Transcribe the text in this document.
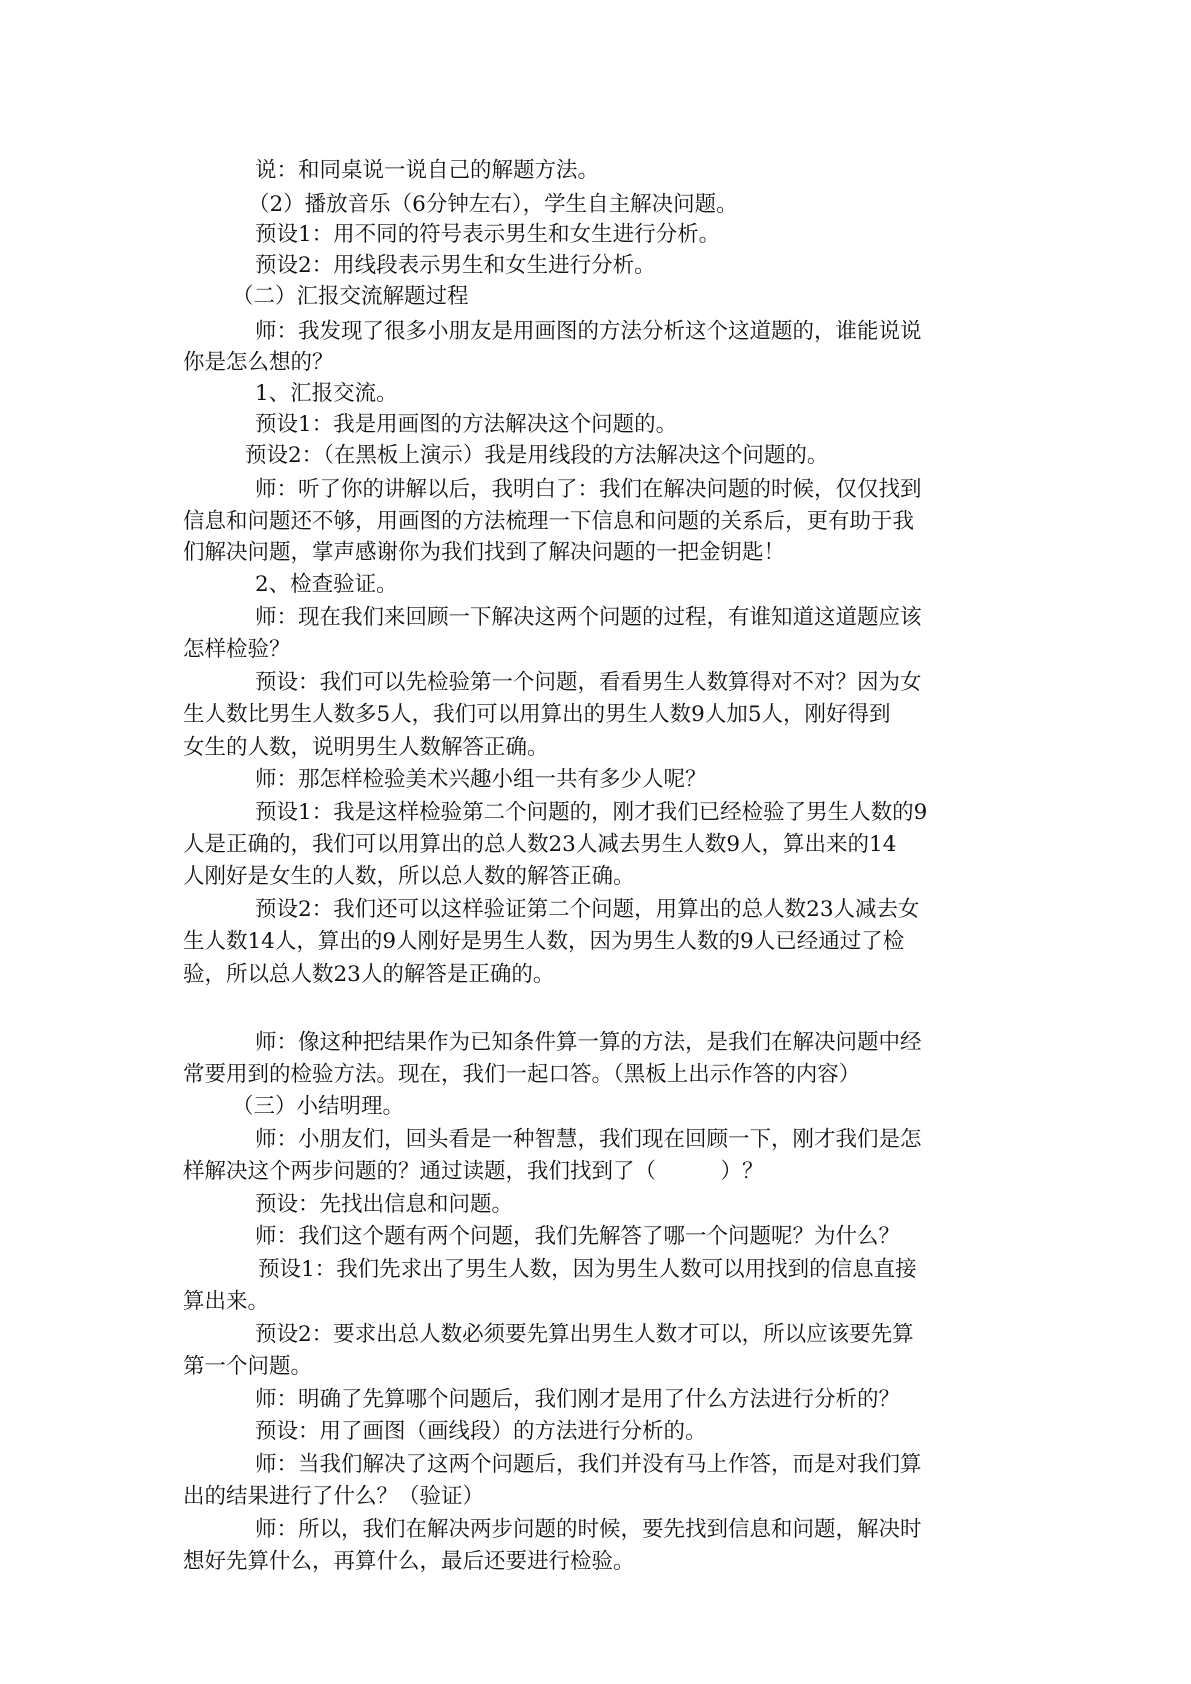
说：和同桌说一说自己的解题方法。

（2）播放音乐（6分钟左右），学生自主解决问题。

预设1：用不同的符号表示男生和女生进行分析。

预设2：用线段表示男生和女生进行分析。

（二）汇报交流解题过程

师：我发现了很多小朋友是用画图的方法分析这个这道题的，谁能说说

你是怎么想的？

1、汇报交流。

预设1：我是用画图的方法解决这个问题的。

预设2：（在黑板上演示）我是用线段的方法解决这个问题的。

师：听了你的讲解以后，我明白了：我们在解决问题的时候，仅仅找到

信息和问题还不够，用画图的方法梳理一下信息和问题的关系后，更有助于我

们解决问题，掌声感谢你为我们找到了解决问题的一把金钥匙！

2、检查验证。

师：现在我们来回顾一下解决这两个问题的过程，有谁知道这道题应该

怎样检验？

预设：我们可以先检验第一个问题，看看男生人数算得对不对？因为女

生人数比男生人数多5人，我们可以用算出的男生人数9人加5人，刚好得到

女生的人数，说明男生人数解答正确。

师：那怎样检验美术兴趣小组一共有多少人呢？

预设1：我是这样检验第二个问题的，刚才我们已经检验了男生人数的9

人是正确的，我们可以用算出的总人数23人减去男生人数9人，算出来的14

人刚好是女生的人数，所以总人数的解答正确。

预设2：我们还可以这样验证第二个问题，用算出的总人数23人减去女

生人数14人，算出的9人刚好是男生人数，因为男生人数的9人已经通过了检

验，所以总人数23人的解答是正确的。

师：像这种把结果作为已知条件算一算的方法，是我们在解决问题中经

常要用到的检验方法。现在，我们一起口答。（黑板上出示作答的内容）

（三）小结明理。

师：小朋友们，回头看是一种智慧，我们现在回顾一下，刚才我们是怎

样解决这个两步问题的？通过读题，我们找到了（　　　）？

预设：先找出信息和问题。

师：我们这个题有两个问题，我们先解答了哪一个问题呢？为什么？

预设1：我们先求出了男生人数，因为男生人数可以用找到的信息直接

算出来。

预设2：要求出总人数必须要先算出男生人数才可以，所以应该要先算

第一个问题。

师：明确了先算哪个问题后，我们刚才是用了什么方法进行分析的？

预设：用了画图（画线段）的方法进行分析的。

师：当我们解决了这两个问题后，我们并没有马上作答，而是对我们算

出的结果进行了什么？（验证）

师：所以，我们在解决两步问题的时候，要先找到信息和问题，解决时

想好先算什么，再算什么，最后还要进行检验。
